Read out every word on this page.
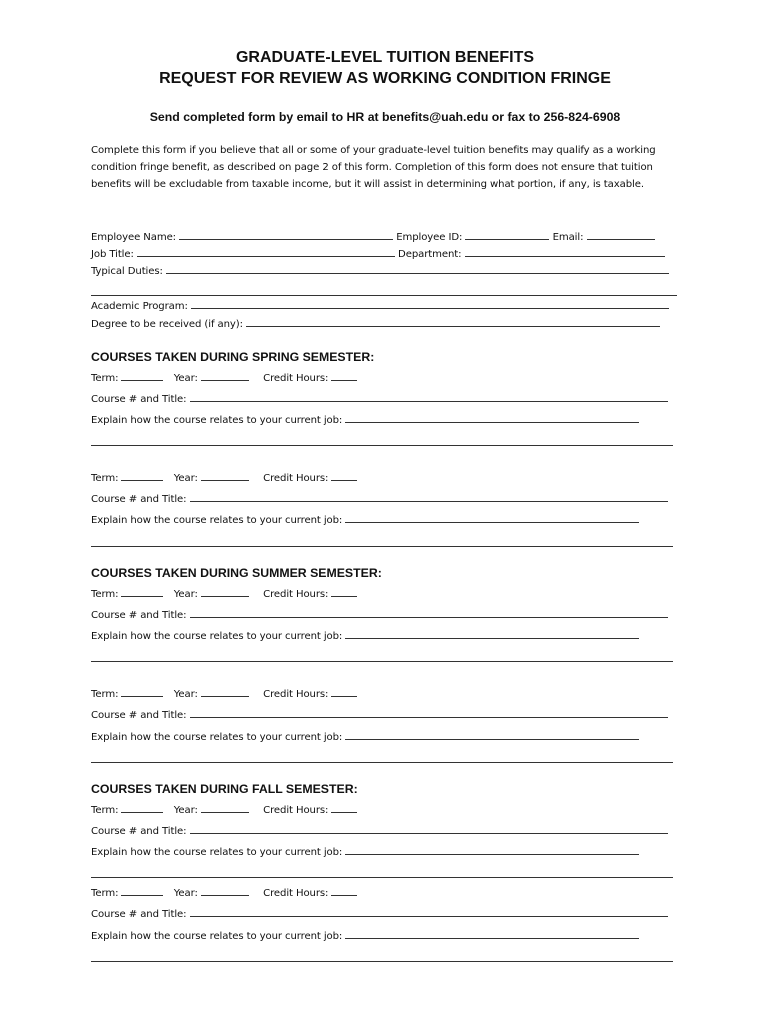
GRADUATE-LEVEL TUITION BENEFITS
REQUEST FOR REVIEW AS WORKING CONDITION FRINGE
Send completed form by email to HR at benefits@uah.edu or fax to 256-824-6908
Complete this form if you believe that all or some of your graduate-level tuition benefits may qualify as a working condition fringe benefit, as described on page 2 of this form. Completion of this form does not ensure that tuition benefits will be excludable from taxable income, but it will assist in determining what portion, if any, is taxable.
Employee Name:	Employee ID:	Email:
Job Title:	Department:
Typical Duties:
Academic Program:
Degree to be received (if any):
COURSES TAKEN DURING SPRING SEMESTER:
Term:	Year:	Credit Hours:
Course # and Title:
Explain how the course relates to your current job:
Term:	Year:	Credit Hours:
Course # and Title:
Explain how the course relates to your current job:
COURSES TAKEN DURING SUMMER SEMESTER:
Term:	Year:	Credit Hours:
Course # and Title:
Explain how the course relates to your current job:
Term:	Year:	Credit Hours:
Course # and Title:
Explain how the course relates to your current job:
COURSES TAKEN DURING FALL SEMESTER:
Term:	Year:	Credit Hours:
Course # and Title:
Explain how the course relates to your current job:
Term:	Year:	Credit Hours:
Course # and Title:
Explain how the course relates to your current job:
